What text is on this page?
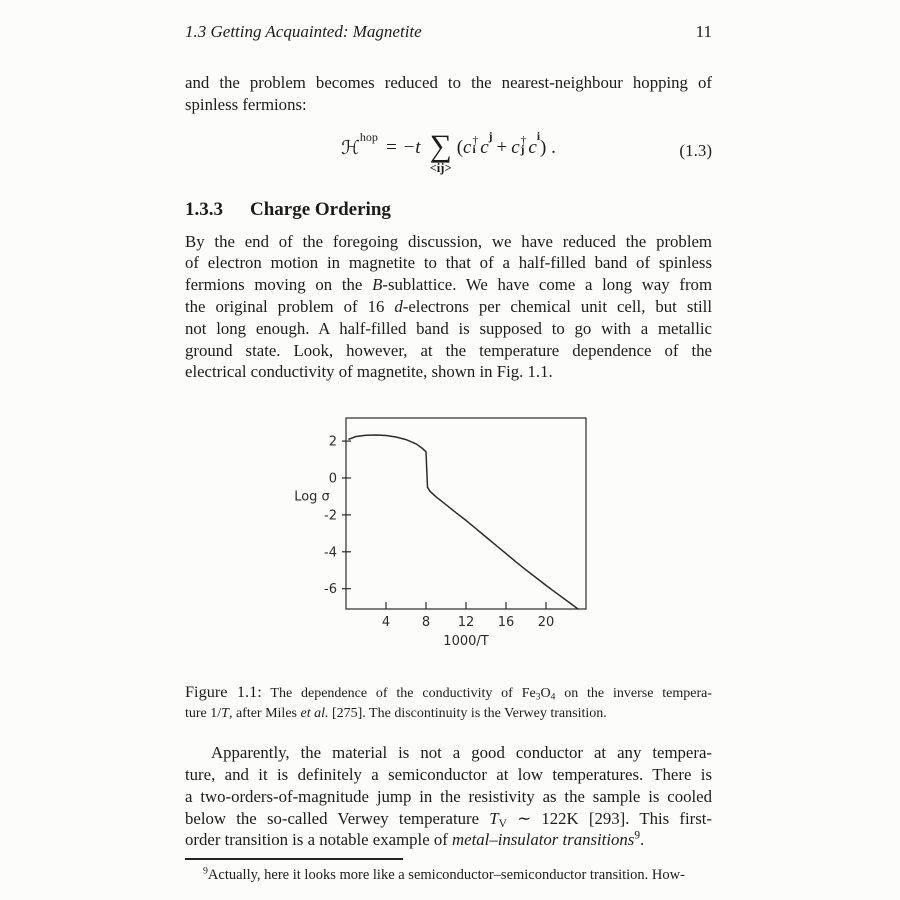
1.3 Getting Acquainted: Magnetite	11
and the problem becomes reduced to the nearest-neighbour hopping of
spinless fermions:
ℋ
hop = −t ∑
<ij>
( c †
i c j + c †
j c i ) .	(1.3)
1.3.3 Charge Ordering
By the end of the foregoing discussion, we have reduced the problem
of electron motion in magnetite to that of a half-filled band of spinless
fermions moving on the B-sublattice. We have come a long way from
the original problem of 16 d-electrons per chemical unit cell, but still
not long enough. A half-filled band is supposed to go with a metallic
ground state. Look, however, at the temperature dependence of the
electrical conductivity of magnetite, shown in Fig. 1.1.
2
0
-2
-4
-6
4 8 12 16 20
Log σ
1000/T
Figure 1.1: The dependence of the conductivity of $Fe_3O_4$ on the inverse tempera-
ture 1/T, after Miles et al. [275]. The discontinuity is the Verwey transition.
Apparently, the material is not a good conductor at any tempera-
ture, and it is definitely a semiconductor at low temperatures. There is
a two-orders-of-magnitude jump in the resistivity as the sample is cooled
below the so-called Verwey temperature $T_V$ ∼ 122K [293]. This first-
order transition is a notable example of metal–insulator transitions$^9$.
$^9$Actually, here it looks more like a semiconductor–semiconductor transition. How-
